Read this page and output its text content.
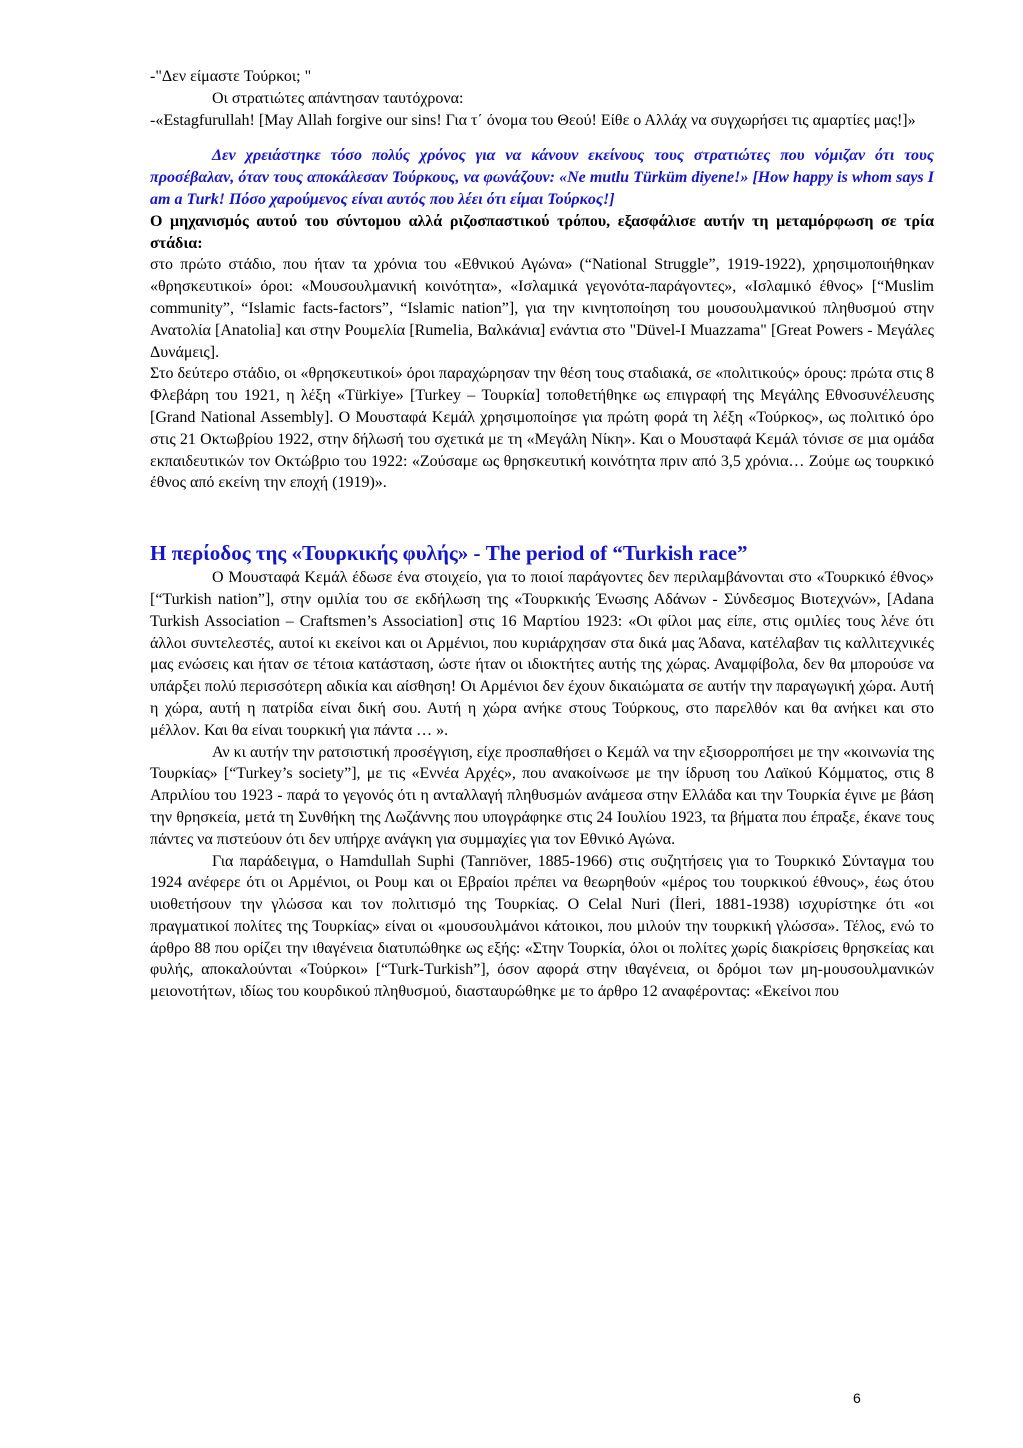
-"Δεν είμαστε Τούρκοι; "

Οι στρατιώτες απάντησαν ταυτόχρονα:

-«Estagfurullah! [May Allah forgive our sins! Για τ΄ όνομα του Θεού! Είθε ο Αλλάχ να συγχωρήσει τις αμαρτίες μας!]»

Δεν χρειάστηκε τόσο πολύς χρόνος για να κάνουν εκείνους τους στρατιώτες που νόμιζαν ότι τους προσέβαλαν, όταν τους αποκάλεσαν Τούρκους, να φωνάζουν: «Ne mutlu Türküm diyene!» [How happy is whom says I am a Turk! Πόσο χαρούμενος είναι αυτός που λέει ότι είμαι Τούρκος!]

Ο μηχανισμός αυτού του σύντομου αλλά ριζοσπαστικού τρόπου, εξασφάλισε αυτήν τη μεταμόρφωση σε τρία στάδια:

στο πρώτο στάδιο, που ήταν τα χρόνια του «Εθνικού Αγώνα» (“National Struggle”, 1919-1922), χρησιμοποιήθηκαν «θρησκευτικοί» όροι: «Μουσουλμανική κοινότητα», «Ισλαμικά γεγονότα-παράγοντες», «Ισλαμικό έθνος» [“Muslim community”, “Islamic facts-factors”, “Islamic nation”], για την κινητοποίηση του μουσουλμανικού πληθυσμού στην Ανατολία [Anatolia] και στην Ρουμελία [Rumelia, Βαλκάνια] ενάντια στο "Düvel-I Muazzama" [Great Powers - Μεγάλες Δυνάμεις].

Στο δεύτερο στάδιο, οι «θρησκευτικοί» όροι παραχώρησαν την θέση τους σταδιακά, σε «πολιτικούς» όρους: πρώτα στις 8 Φλεβάρη του 1921, η λέξη «Türkiye» [Turkey – Τουρκία] τοποθετήθηκε ως επιγραφή της Μεγάλης Εθνοσυνέλευσης [Grand National Assembly]. Ο Μουσταφά Κεμάλ χρησιμοποίησε για πρώτη φορά τη λέξη «Τούρκος», ως πολιτικό όρο στις 21 Οκτωβρίου 1922, στην δήλωσή του σχετικά με τη «Μεγάλη Νίκη». Και ο Μουσταφά Κεμάλ τόνισε σε μια ομάδα εκπαιδευτικών τον Οκτώβριο του 1922: «Ζούσαμε ως θρησκευτική κοινότητα πριν από 3,5 χρόνια… Ζούμε ως τουρκικό έθνος από εκείνη την εποχή (1919)».

Η περίοδος της «Τουρκικής φυλής» - The period of “Turkish race”

Ο Μουσταφά Κεμάλ έδωσε ένα στοιχείο, για το ποιοί παράγοντες δεν περιλαμβάνονται στο «Τουρκικό έθνος» [“Turkish nation”], στην ομιλία του σε εκδήλωση της «Τουρκικής Ένωσης Αδάνων - Σύνδεσμος Βιοτεχνών», [Adana Turkish Association – Craftsmen’s Association] στις 16 Μαρτίου 1923: «Οι φίλοι μας είπε, στις ομιλίες τους λένε ότι άλλοι συντελεστές, αυτοί κι εκείνοι και οι Αρμένιοι, που κυριάρχησαν στα δικά μας Άδανα, κατέλαβαν τις καλλιτεχνικές μας ενώσεις και ήταν σε τέτοια κατάσταση, ώστε ήταν οι ιδιοκτήτες αυτής της χώρας. Αναμφίβολα, δεν θα μπορούσε να υπάρξει πολύ περισσότερη αδικία και αίσθηση! Οι Αρμένιοι δεν έχουν δικαιώματα σε αυτήν την παραγωγική χώρα. Αυτή η χώρα, αυτή η πατρίδα είναι δική σου. Αυτή η χώρα ανήκε στους Τούρκους, στο παρελθόν και θα ανήκει και στο μέλλον. Και θα είναι τουρκική για πάντα … ».

Αν κι αυτήν την ρατσιστική προσέγγιση, είχε προσπαθήσει ο Κεμάλ να την εξισορροπήσει με την «κοινωνία της Τουρκίας» [“Turkey’s society”], με τις «Εννέα Αρχές», που ανακοίνωσε με την ίδρυση του Λαϊκού Κόμματος, στις 8 Απριλίου του 1923 - παρά το γεγονός ότι η ανταλλαγή πληθυσμών ανάμεσα στην Ελλάδα και την Τουρκία έγινε με βάση την θρησκεία, μετά τη Συνθήκη της Λωζάννης που υπογράφηκε στις 24 Ιουλίου 1923, τα βήματα που έπραξε, έκανε τους πάντες να πιστεύουν ότι δεν υπήρχε ανάγκη για συμμαχίες για τον Εθνικό Αγώνα.

Για παράδειγμα, ο Hamdullah Suphi (Tanrıöver, 1885-1966) στις συζητήσεις για το Τουρκικό Σύνταγμα του 1924 ανέφερε ότι οι Αρμένιοι, οι Ρουμ και οι Εβραίοι πρέπει να θεωρηθούν «μέρος του τουρκικού έθνους», έως ότου υιοθετήσουν την γλώσσα και τον πολιτισμό της Τουρκίας. Ο Celal Nuri (İleri, 1881-1938) ισχυρίστηκε ότι «οι πραγματικοί πολίτες της Τουρκίας» είναι οι «μουσουλμάνοι κάτοικοι, που μιλούν την τουρκική γλώσσα». Τέλος, ενώ το άρθρο 88 που ορίζει την ιθαγένεια διατυπώθηκε ως εξής: «Στην Τουρκία, όλοι οι πολίτες χωρίς διακρίσεις θρησκείας και φυλής, αποκαλούνται «Τούρκοι» [“Turk-Turkish”], όσον αφορά στην ιθαγένεια, οι δρόμοι των μη-μουσουλμανικών μειονοτήτων, ιδίως του κουρδικού πληθυσμού, διασταυρώθηκε με το άρθρο 12 αναφέροντας: «Εκείνοι που

6
